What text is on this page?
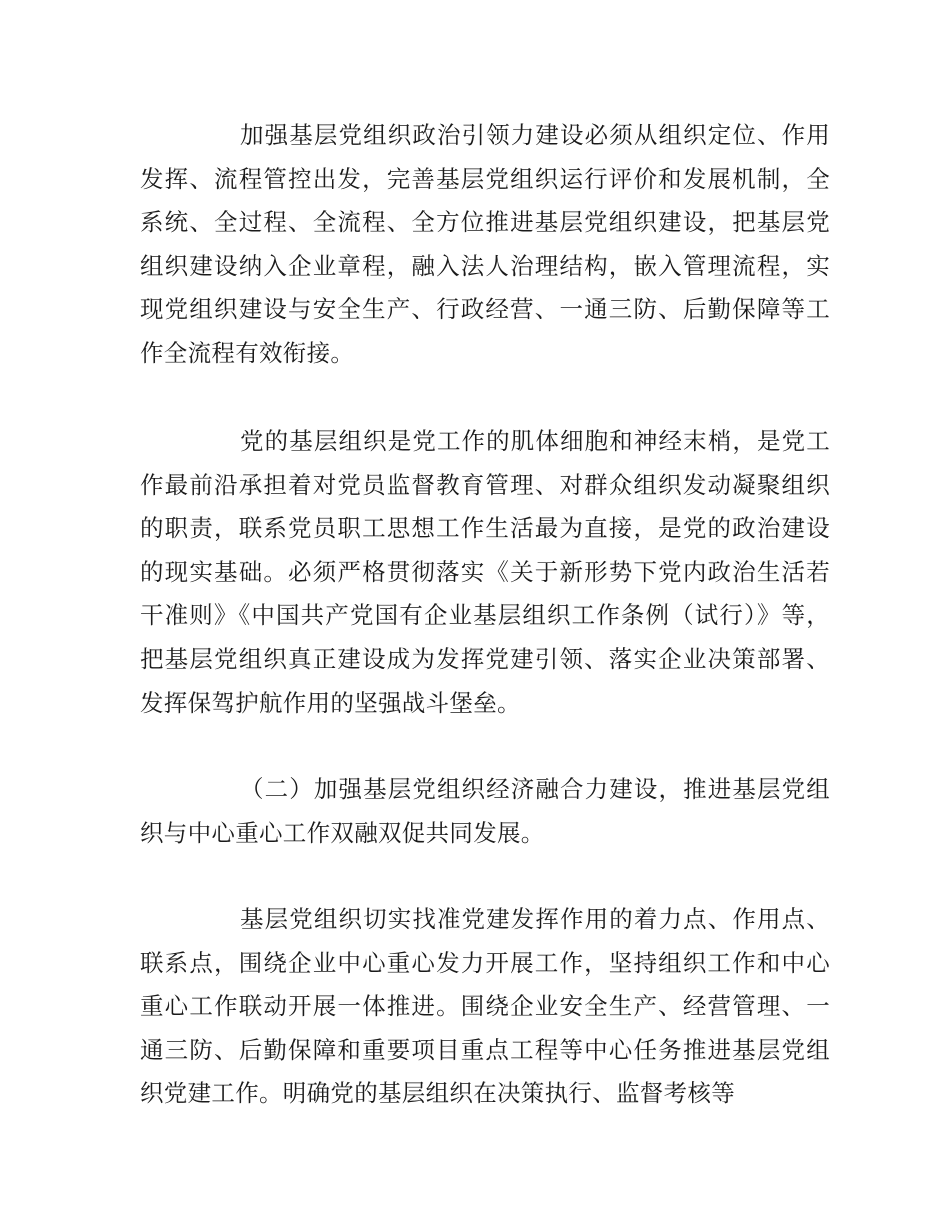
加强基层党组织政治引领力建设必须从组织定位、作用发挥、流程管控出发，完善基层党组织运行评价和发展机制，全系统、全过程、全流程、全方位推进基层党组织建设，把基层党组织建设纳入企业章程，融入法人治理结构，嵌入管理流程，实现党组织建设与安全生产、行政经营、一通三防、后勤保障等工作全流程有效衔接。

党的基层组织是党工作的肌体细胞和神经末梢，是党工作最前沿承担着对党员监督教育管理、对群众组织发动凝聚组织的职责，联系党员职工思想工作生活最为直接，是党的政治建设的现实基础。必须严格贯彻落实《关于新形势下党内政治生活若干准则》《中国共产党国有企业基层组织工作条例（试行）》等，把基层党组织真正建设成为发挥党建引领、落实企业决策部署、发挥保驾护航作用的坚强战斗堡垒。

（二）加强基层党组织经济融合力建设，推进基层党组织与中心重心工作双融双促共同发展。

基层党组织切实找准党建发挥作用的着力点、作用点、联系点，围绕企业中心重心发力开展工作，坚持组织工作和中心重心工作联动开展一体推进。围绕企业安全生产、经营管理、一通三防、后勤保障和重要项目重点工程等中心任务推进基层党组织党建工作。明确党的基层组织在决策执行、监督考核等
